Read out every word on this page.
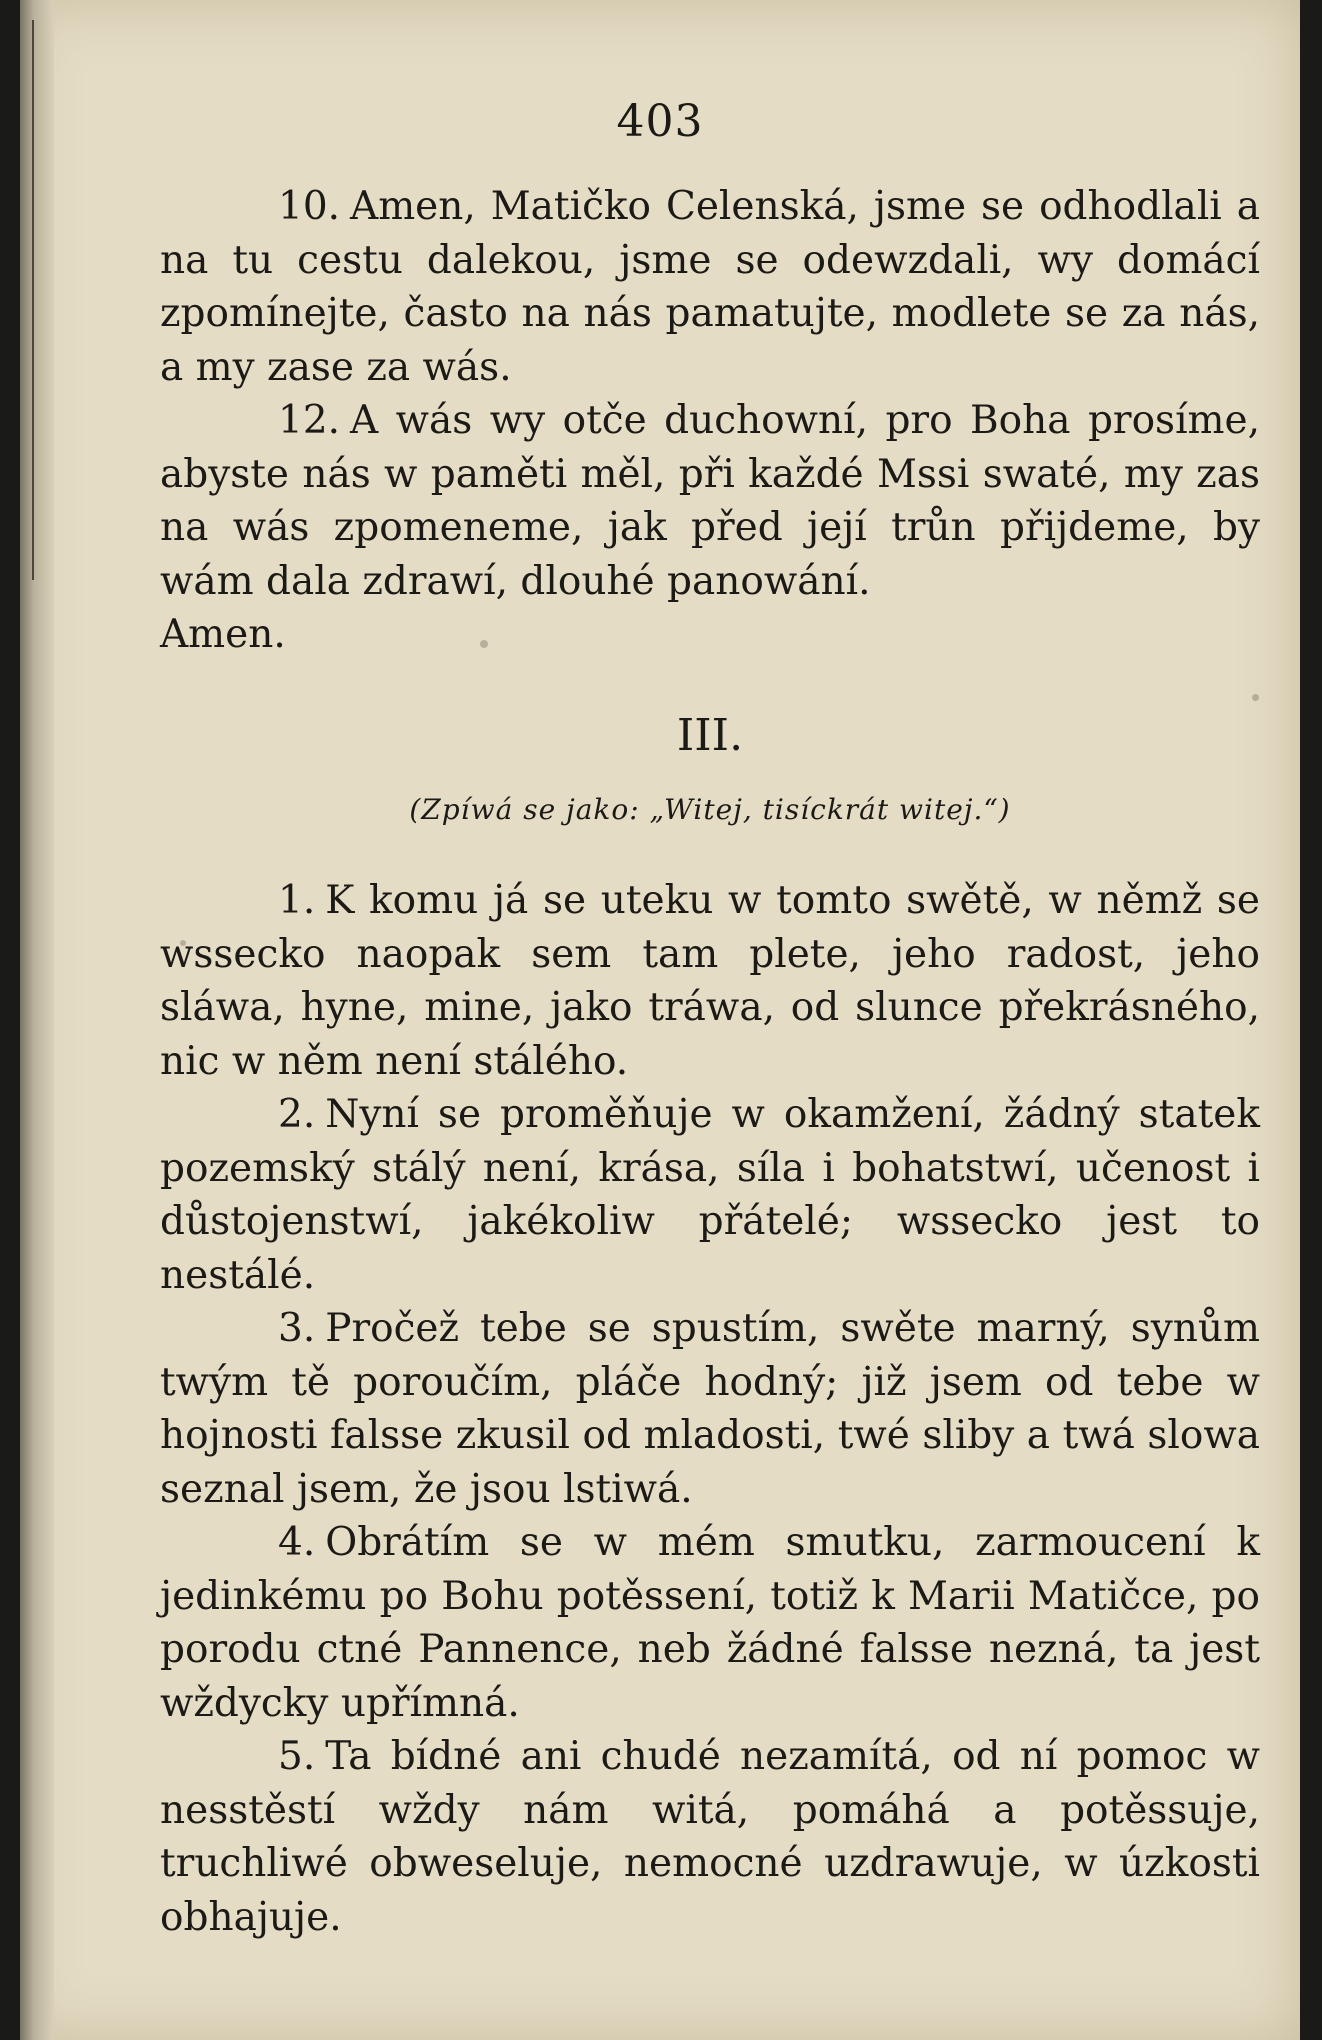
403

10. Amen, Matičko Celenská, jsme se odhodlali a na tu cestu dalekou, jsme se odewzdali, wy domácí zpomínejte, často na nás pamatujte, modlete se za nás, a my zase za wás.

12. A wás wy otče duchowní, pro Boha prosíme, abyste nás w paměti měl, při každé Mssi swaté, my zas na wás zpomeneme, jak před její trůn přijdeme, by wám dala zdrawí, dlouhé panowání.

Amen.

III.

(Zpíwá se jako: „Witej, tisíckrát witej.“)

1. K komu já se uteku w tomto swětě, w němž se wssecko naopak sem tam plete, jeho radost, jeho sláwa, hyne, mine, jako tráwa, od slunce překrásného, nic w něm není stálého.

2. Nyní se proměňuje w okamžení, žádný statek pozemský stálý není, krása, síla i bohatstwí, učenost i důstojenstwí, jakékoliw přátelé; wssecko jest to nestálé.

3. Pročež tebe se spustím, swěte marný, synům twým tě poroučím, pláče hodný; již jsem od tebe w hojnosti falsse zkusil od mladosti, twé sliby a twá slowa seznal jsem, že jsou lstiwá.

4. Obrátím se w mém smutku, zarmoucení k jedinkému po Bohu potěssení, totiž k Marii Matičce, po porodu ctné Pannence, neb žádné falsse nezná, ta jest wždycky upřímná.

5. Ta bídné ani chudé nezamítá, od ní pomoc w nesstěstí wždy nám witá, pomáhá a potěssuje, truchliwé obweseluje, nemocné uzdrawuje, w úzkosti obhajuje.
